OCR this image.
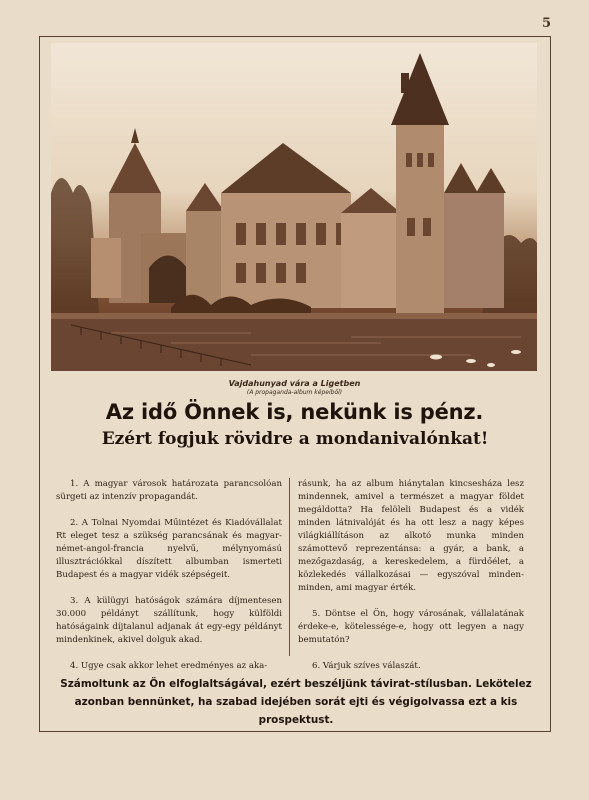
5
Vajdahunyad vára a Ligetben
(A propaganda-album képeiből)
Az idő Önnek is, nekünk is pénz.
Ezért fogjuk rövidre a mondanivalónkat!

1. A magyar városok határozata parancsolóan sürgeti az intenzív propagandát.

2. A Tolnai Nyomdai Műintézet és Kiadóvállalat Rt eleget tesz a szükség parancsának és magyar-német-angol-francia nyelvű, mélynyomású illusztrációkkal díszített albumban ismerteti Budapest és a magyar vidék szépségeit.

3. A külügyi hatóságok számára díjmentesen 30.000 példányt szállítunk, hogy külföldi hatóságaink díjtalanul adjanak át egy-egy példányt mindenkinek, akivel dolguk akad.

4. Ugye csak akkor lehet eredményes az aka-

rásunk, ha az album hiánytalan kincsesháza lesz mindennek, amivel a természet a magyar földet megáldotta? Ha felöleli Budapest és a vidék minden látnivalóját és ha ott lesz a nagy képes világkiállításon az alkotó munka minden számottevő reprezentánsa: a gyár, a bank, a mezőgazdaság, a kereskedelem, a fürdőélet, a közlekedés vállalkozásai — egyszóval minden-minden, ami magyar érték.

5. Döntse el Ön, hogy városának, vállalatának érdeke-e, kötelessége-e, hogy ott legyen a nagy bemutatón?

6. Várjuk szíves válaszát.

Számoltunk az Ön elfoglaltságával, ezért beszéljünk távirat-stílusban. Lekötelez azonban bennünket, ha szabad idejében sorát ejti és végigolvassa ezt a kis prospektust.
